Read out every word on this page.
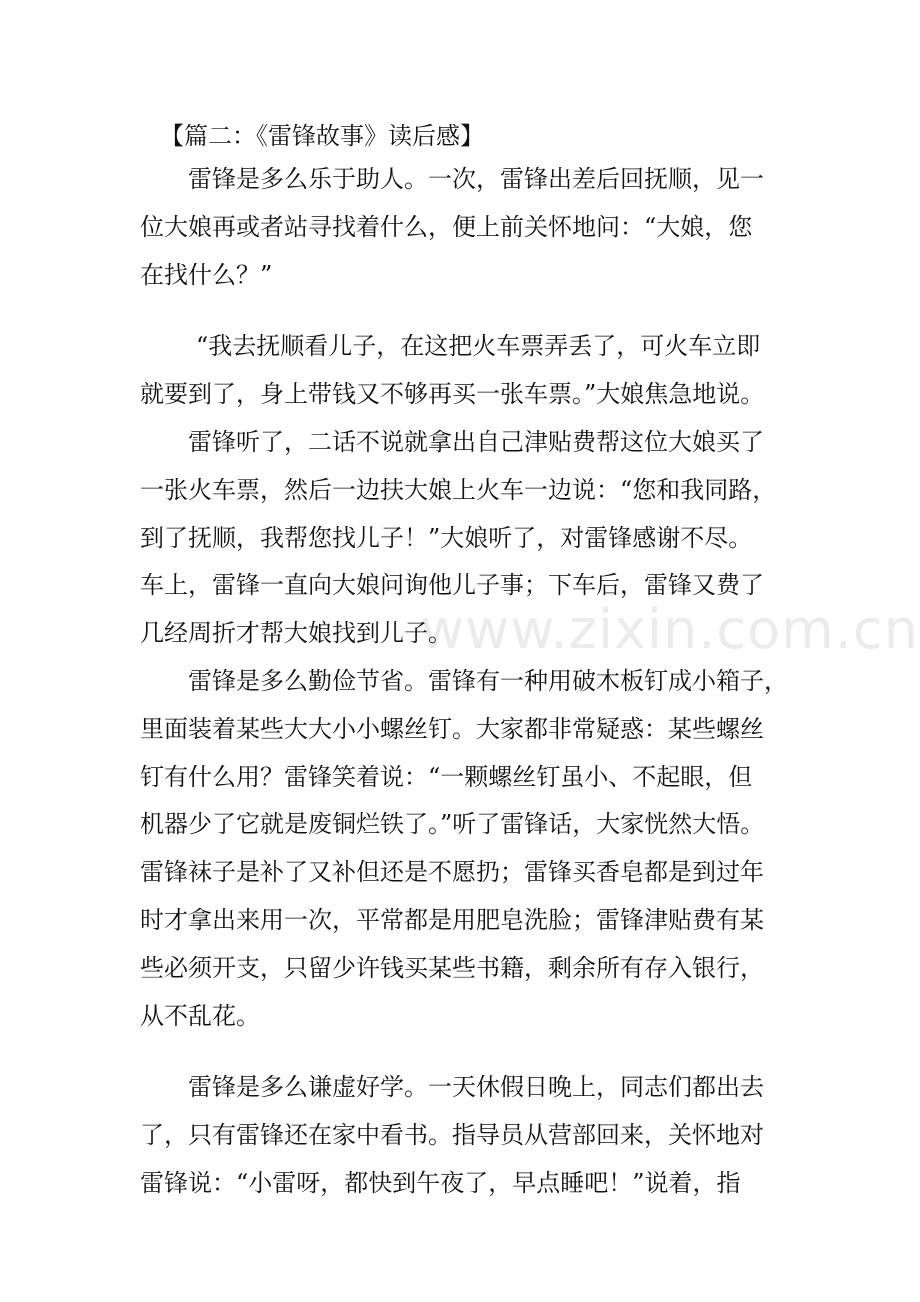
www.zixin.com.cn
【篇二：《雷锋故事》读后感】
雷锋是多么乐于助人。一次，雷锋出差后回抚顺，见一
位大娘再或者站寻找着什么，便上前关怀地问：“大娘，您
在找什么？”
“我去抚顺看儿子，在这把火车票弄丢了，可火车立即
就要到了，身上带钱又不够再买一张车票。”大娘焦急地说。
雷锋听了，二话不说就拿出自己津贴费帮这位大娘买了
一张火车票，然后一边扶大娘上火车一边说：“您和我同路，
到了抚顺，我帮您找儿子！”大娘听了，对雷锋感谢不尽。
车上，雷锋一直向大娘问询他儿子事；下车后，雷锋又费了
几经周折才帮大娘找到儿子。
雷锋是多么勤俭节省。雷锋有一种用破木板钉成小箱子，
里面装着某些大大小小螺丝钉。大家都非常疑惑：某些螺丝
钉有什么用？雷锋笑着说：“一颗螺丝钉虽小、不起眼，但
机器少了它就是废铜烂铁了。”听了雷锋话，大家恍然大悟。
雷锋袜子是补了又补但还是不愿扔；雷锋买香皂都是到过年
时才拿出来用一次，平常都是用肥皂洗脸；雷锋津贴费有某
些必须开支，只留少许钱买某些书籍，剩余所有存入银行，
从不乱花。
雷锋是多么谦虚好学。一天休假日晚上，同志们都出去
了，只有雷锋还在家中看书。指导员从营部回来，关怀地对
雷锋说：“小雷呀，都快到午夜了，早点睡吧！”说着，指
